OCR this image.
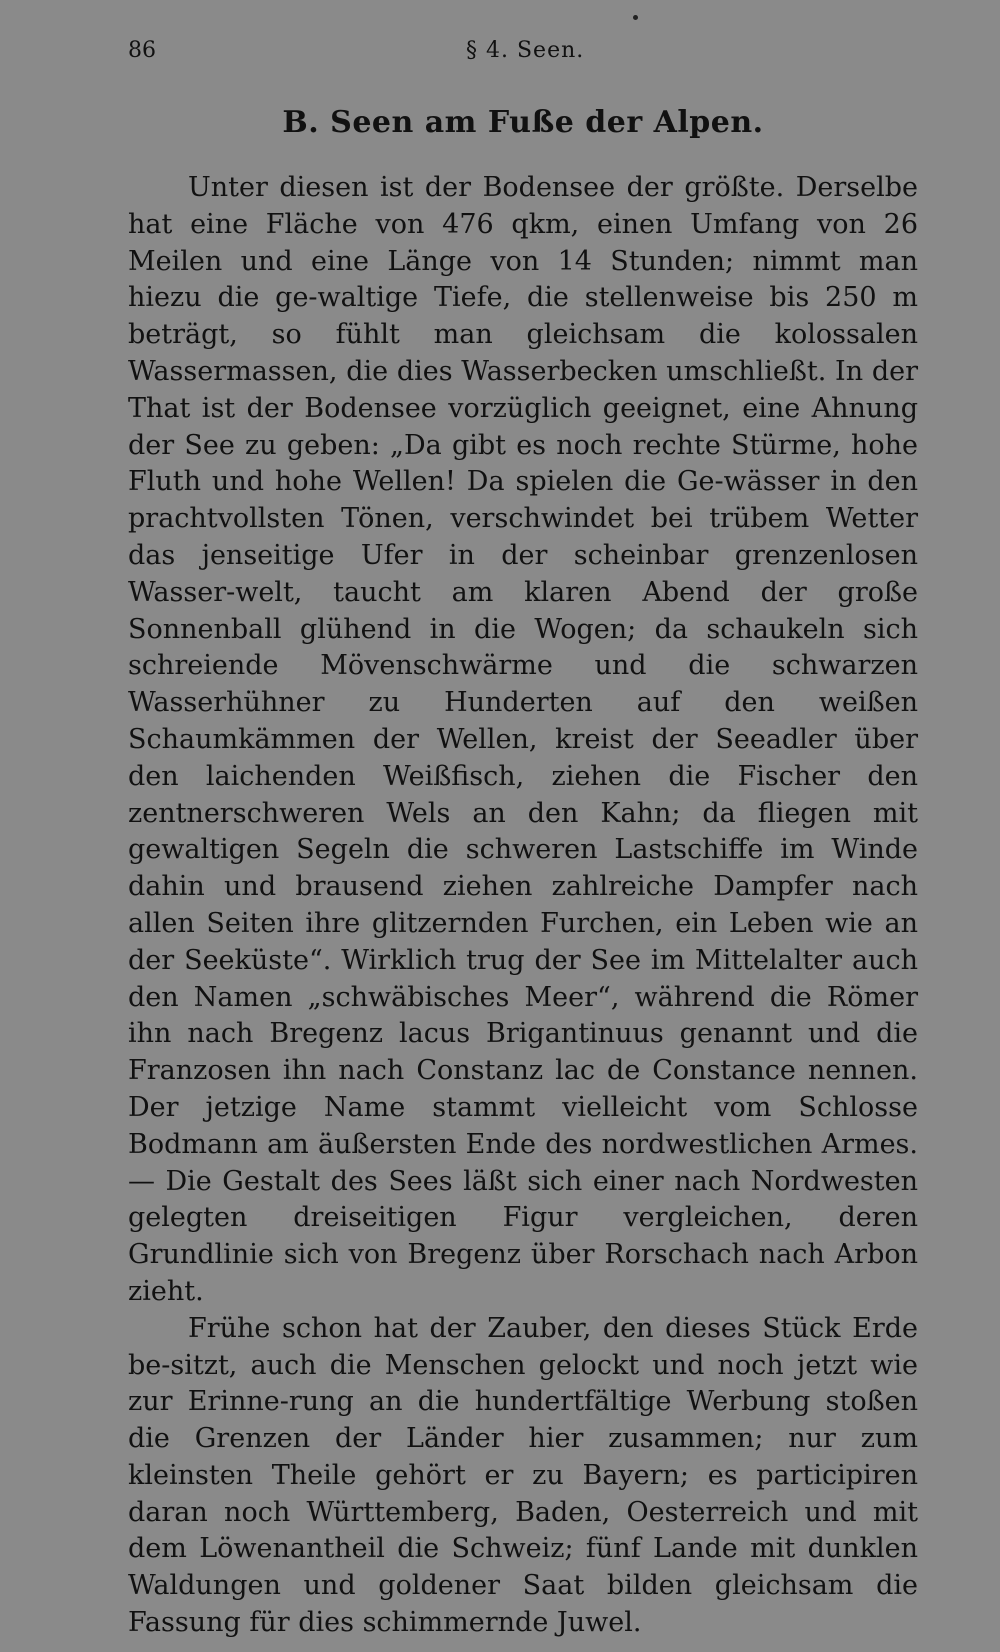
86	§ 4. Seen.
B. Seen am Fuße der Alpen.

Unter diesen ist der Bodensee der größte. Derselbe hat eine Fläche von 476 qkm, einen Umfang von 26 Meilen und eine Länge von 14 Stunden; nimmt man hiezu die ge-waltige Tiefe, die stellenweise bis 250 m beträgt, so fühlt man gleichsam die kolossalen Wassermassen, die dies Wasserbecken umschließt. In der That ist der Bodensee vorzüglich geeignet, eine Ahnung der See zu geben: „Da gibt es noch rechte Stürme, hohe Fluth und hohe Wellen! Da spielen die Ge-wässer in den prachtvollsten Tönen, verschwindet bei trübem Wetter das jenseitige Ufer in der scheinbar grenzenlosen Wasser-welt, taucht am klaren Abend der große Sonnenball glühend in die Wogen; da schaukeln sich schreiende Mövenschwärme und die schwarzen Wasserhühner zu Hunderten auf den weißen Schaumkämmen der Wellen, kreist der Seeadler über den laichenden Weißfisch, ziehen die Fischer den zentnerschweren Wels an den Kahn; da fliegen mit gewaltigen Segeln die schweren Lastschiffe im Winde dahin und brausend ziehen zahlreiche Dampfer nach allen Seiten ihre glitzernden Furchen, ein Leben wie an der Seeküste“. Wirklich trug der See im Mittelalter auch den Namen „schwäbisches Meer“, während die Römer ihn nach Bregenz lacus Brigantinuus genannt und die Franzosen ihn nach Constanz lac de Constance nennen. Der jetzige Name stammt vielleicht vom Schlosse Bodmann am äußersten Ende des nordwestlichen Armes. — Die Gestalt des Sees läßt sich einer nach Nordwesten gelegten dreiseitigen Figur vergleichen, deren Grundlinie sich von Bregenz über Rorschach nach Arbon zieht.

Frühe schon hat der Zauber, den dieses Stück Erde be-sitzt, auch die Menschen gelockt und noch jetzt wie zur Erinne-rung an die hundertfältige Werbung stoßen die Grenzen der Länder hier zusammen; nur zum kleinsten Theile gehört er zu Bayern; es participiren daran noch Württemberg, Baden, Oesterreich und mit dem Löwenantheil die Schweiz; fünf Lande mit dunklen Waldungen und goldener Saat bilden gleichsam die Fassung für dies schimmernde Juwel.
